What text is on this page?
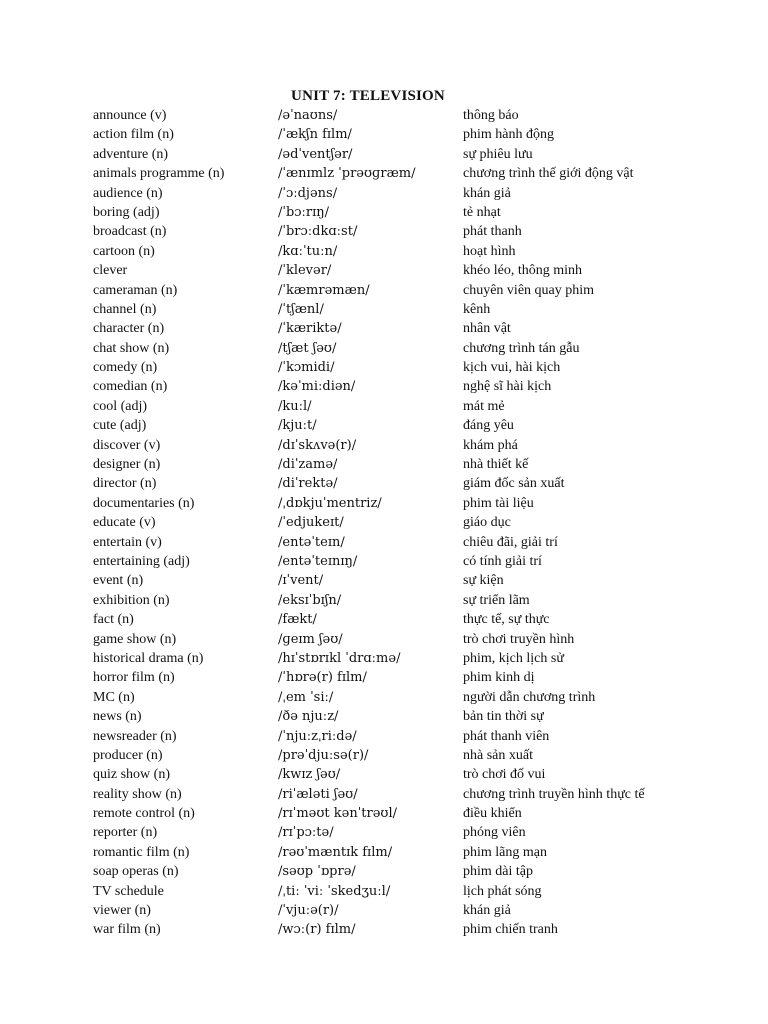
UNIT 7: TELEVISION
announce (v)	/əˈnaʊns/	thông báo
action film (n)	/ˈækʃn fɪlm/	phim hành động
adventure (n)	/ədˈventʃər/	sự phiêu lưu
animals programme (n)	/ˈænɪmlz ˈprəʊɡræm/	chương trình thế giới động vật
audience (n)	/ˈɔːdjəns/	khán giả
boring (adj)	/ˈbɔːrɪŋ/	tẻ nhạt
broadcast (n)	/ˈbrɔːdkɑːst/	phát thanh
cartoon (n)	/kɑːˈtuːn/	hoạt hình
clever	/ˈklevər/	khéo léo, thông minh
cameraman (n)	/ˈkæmrəmæn/	chuyên viên quay phim
channel (n)	/ˈtʃænl/	kênh
character (n)	/ˈkæriktə/	nhân vật
chat show (n)	/tʃæt ʃəʊ/	chương trình tán gẫu
comedy (n)	/ˈkɔmidi/	kịch vui, hài kịch
comedian (n)	/kəˈmiːdiən/	nghệ sĩ hài kịch
cool (adj)	/kuːl/	mát mẻ
cute (adj)	/kjuːt/	đáng yêu
discover (v)	/dɪˈskʌvə(r)/	khám phá
designer (n)	/diˈzamə/	nhà thiết kế
director (n)	/diˈrektə/	giám đốc sản xuất
documentaries (n)	/ˌdɒkjuˈmentriz/	phim tài liệu
educate (v)	/ˈedjukeɪt/	giáo dục
entertain (v)	/entəˈteɪn/	chiêu đãi, giải trí
entertaining (adj)	/entəˈteɪnɪŋ/	có tính giải trí
event (n)	/ɪˈvent/	sự kiện
exhibition (n)	/eksɪˈbɪʃn/	sự triển lãm
fact (n)	/fækt/	thực tế, sự thực
game show (n)	/ɡeɪm ʃəʊ/	trò chơi truyền hình
historical drama (n)	/hɪˈstɒrɪkl ˈdrɑːmə/	phim, kịch lịch sử
horror film (n)	/ˈhɒrə(r) fɪlm/	phim kinh dị
MC (n)	/ˌem ˈsiː/	người dẫn chương trình
news (n)	/ðə njuːz/	bản tin thời sự
newsreader (n)	/ˈnjuːzˌriːdə/	phát thanh viên
producer (n)	/prəˈdjuːsə(r)/	nhà sản xuất
quiz show (n)	/kwɪz ʃəʊ/	trò chơi đố vui
reality show (n)	/riˈæləti ʃəʊ/	chương trình truyền hình thực tế
remote control (n)	/rɪˈməʊt kənˈtrəʊl/	điều khiển
reporter (n)	/rɪˈpɔːtə/	phóng viên
romantic film (n)	/rəʊˈmæntɪk fɪlm/	phim lãng mạn
soap operas (n)	/səʊp ˈɒprə/	phim dài tập
TV schedule	/ˌtiː ˈviː ˈskedʒuːl/	lịch phát sóng
viewer (n)	/ˈvjuːə(r)/	khán giả
war film (n)	/wɔː(r) fɪlm/	phim chiến tranh
